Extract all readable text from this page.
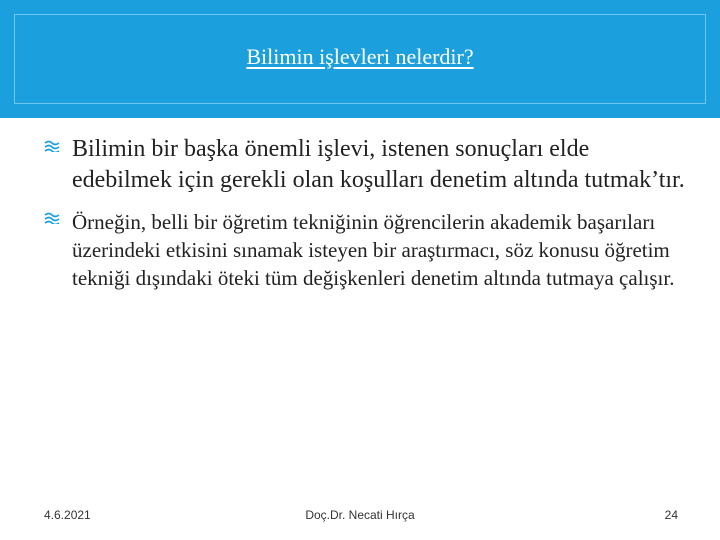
Bilimin işlevleri nelerdir?
Bilimin bir başka önemli işlevi, istenen sonuçları elde edebilmek için gerekli olan koşulları denetim altında tutmak’tır.
Örneğin, belli bir öğretim tekniğinin öğrencilerin akademik başarıları üzerindeki etkisini sınamak isteyen bir araştırmacı, söz konusu öğretim tekniği dışındaki öteki tüm değişkenleri denetim altında tutmaya çalışır.
4.6.2021	Doç.Dr. Necati Hırça	24
